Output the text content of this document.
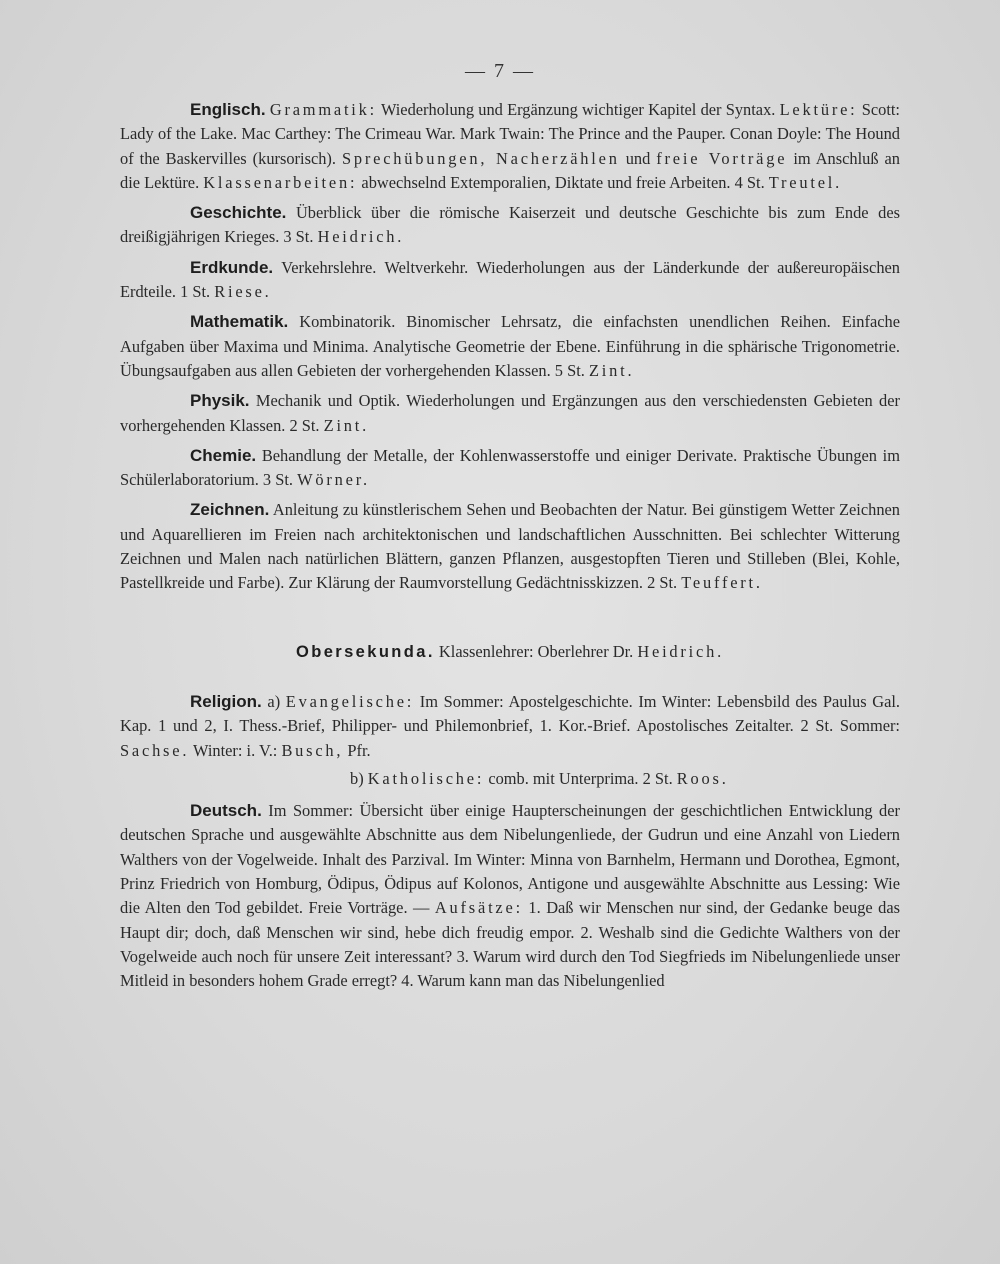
— 7 —

Englisch. Grammatik: Wiederholung und Ergänzung wichtiger Kapitel der Syntax. Lektüre: Scott: Lady of the Lake. Mac Carthey: The Crimeau War. Mark Twain: The Prince and the Pauper. Conan Doyle: The Hound of the Baskervilles (kursorisch). Sprechübungen, Nacherzählen und freie Vorträge im Anschluß an die Lektüre. Klassenarbeiten: abwechselnd Extemporalien, Diktate und freie Arbeiten. 4 St. Treutel.

Geschichte. Überblick über die römische Kaiserzeit und deutsche Geschichte bis zum Ende des dreißigjährigen Krieges. 3 St. Heidrich.

Erdkunde. Verkehrslehre. Weltverkehr. Wiederholungen aus der Länderkunde der außereuropäischen Erdteile. 1 St. Riese.

Mathematik. Kombinatorik. Binomischer Lehrsatz, die einfachsten unendlichen Reihen. Einfache Aufgaben über Maxima und Minima. Analytische Geometrie der Ebene. Einführung in die sphärische Trigonometrie. Übungsaufgaben aus allen Gebieten der vorhergehenden Klassen. 5 St. Zint.

Physik. Mechanik und Optik. Wiederholungen und Ergänzungen aus den verschiedensten Gebieten der vorhergehenden Klassen. 2 St. Zint.

Chemie. Behandlung der Metalle, der Kohlenwasserstoffe und einiger Derivate. Praktische Übungen im Schülerlaboratorium. 3 St. Wörner.

Zeichnen. Anleitung zu künstlerischem Sehen und Beobachten der Natur. Bei günstigem Wetter Zeichnen und Aquarellieren im Freien nach architektonischen und landschaftlichen Ausschnitten. Bei schlechter Witterung Zeichnen und Malen nach natürlichen Blättern, ganzen Pflanzen, ausgestopften Tieren und Stilleben (Blei, Kohle, Pastellkreide und Farbe). Zur Klärung der Raumvorstellung Gedächtnisskizzen. 2 St. Teuffert.

Obersekunda. Klassenlehrer: Oberlehrer Dr. Heidrich.

Religion. a) Evangelische: Im Sommer: Apostelgeschichte. Im Winter: Lebensbild des Paulus Gal. Kap. 1 und 2, I. Thess.-Brief, Philipper- und Philemonbrief, 1. Kor.-Brief. Apostolisches Zeitalter. 2 St. Sommer: Sachse. Winter: i. V.: Busch, Pfr.

b) Katholische: comb. mit Unterprima. 2 St. Roos.

Deutsch. Im Sommer: Übersicht über einige Haupterscheinungen der geschichtlichen Entwicklung der deutschen Sprache und ausgewählte Abschnitte aus dem Nibelungenliede, der Gudrun und eine Anzahl von Liedern Walthers von der Vogelweide. Inhalt des Parzival. Im Winter: Minna von Barnhelm, Hermann und Dorothea, Egmont, Prinz Friedrich von Homburg, Ödipus, Ödipus auf Kolonos, Antigone und ausgewählte Abschnitte aus Lessing: Wie die Alten den Tod gebildet. Freie Vorträge. — Aufsätze: 1. Daß wir Menschen nur sind, der Gedanke beuge das Haupt dir; doch, daß Menschen wir sind, hebe dich freudig empor. 2. Weshalb sind die Gedichte Walthers von der Vogelweide auch noch für unsere Zeit interessant? 3. Warum wird durch den Tod Siegfrieds im Nibelungenliede unser Mitleid in besonders hohem Grade erregt? 4. Warum kann man das Nibelungenlied
